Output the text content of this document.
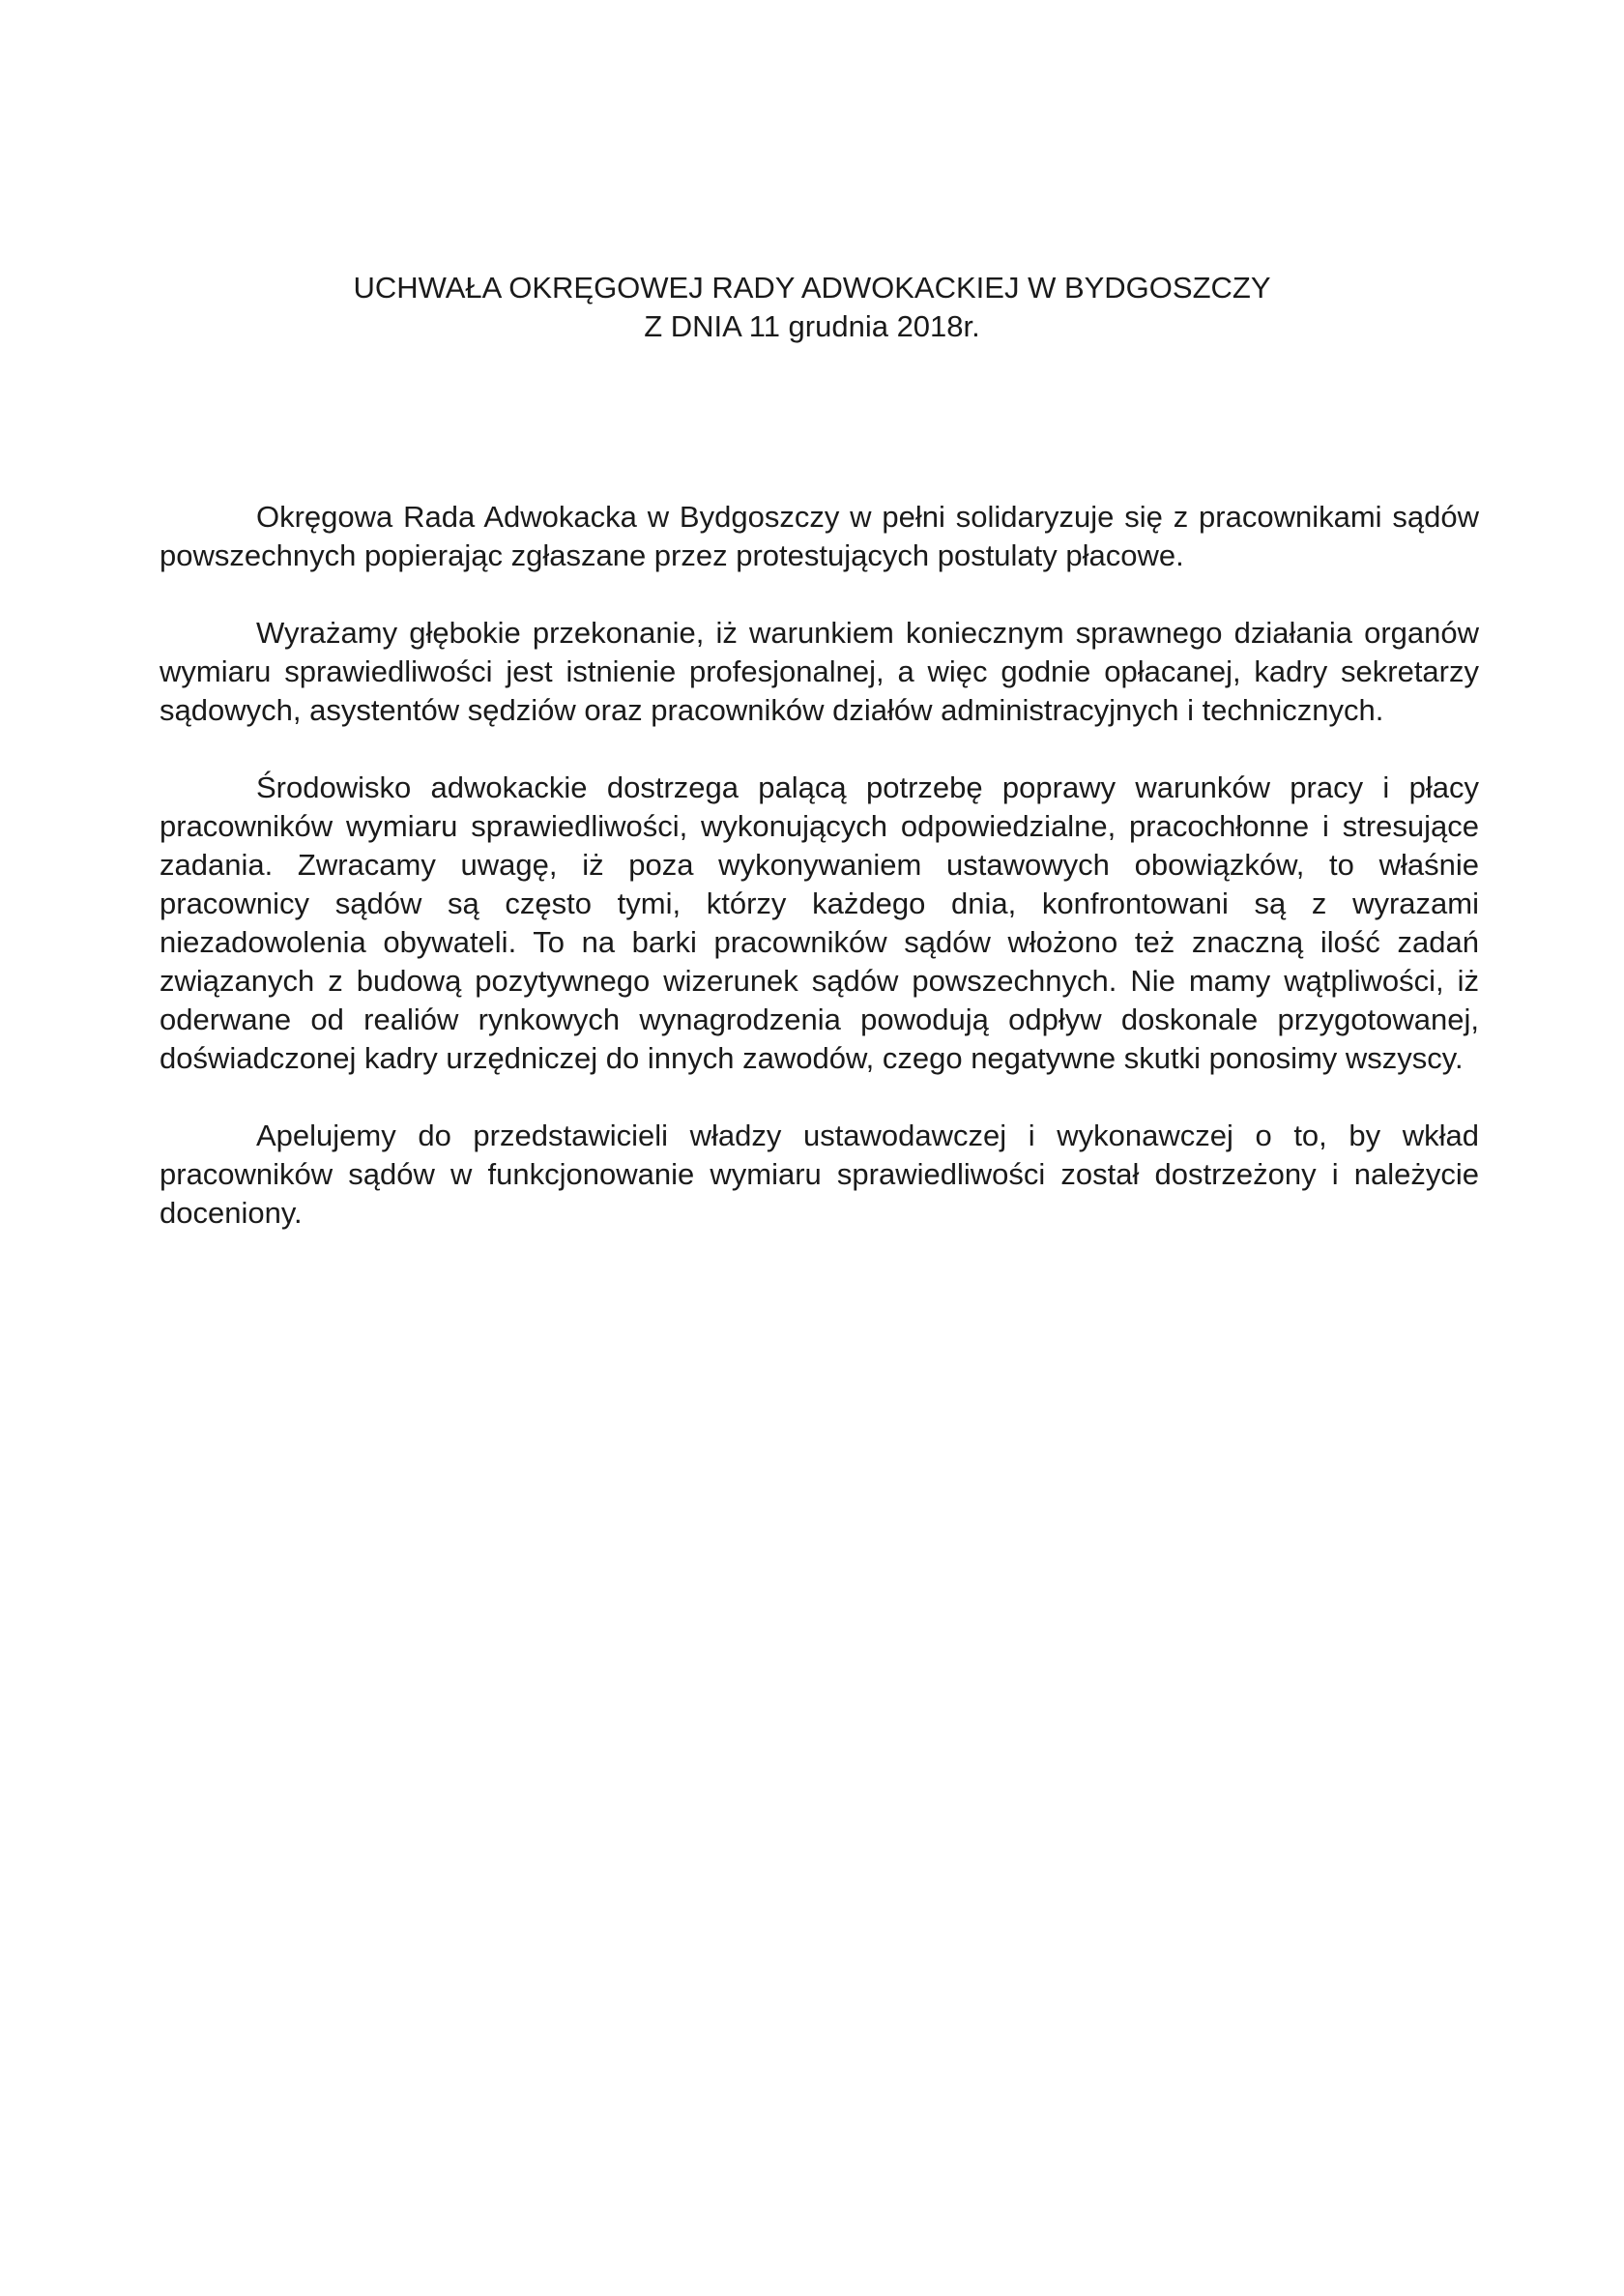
UCHWAŁA OKRĘGOWEJ RADY ADWOKACKIEJ W BYDGOSZCZY
Z DNIA 11 grudnia 2018r.

Okręgowa Rada Adwokacka w Bydgoszczy w pełni solidaryzuje się z pracownikami sądów powszechnych popierając zgłaszane przez protestujących postulaty płacowe.

Wyrażamy głębokie przekonanie, iż warunkiem koniecznym sprawnego działania organów wymiaru sprawiedliwości jest istnienie profesjonalnej, a więc godnie opłacanej, kadry sekretarzy sądowych, asystentów sędziów oraz pracowników działów administracyjnych i technicznych.

Środowisko adwokackie dostrzega palącą potrzebę poprawy warunków pracy i płacy pracowników wymiaru sprawiedliwości, wykonujących odpowiedzialne, pracochłonne i stresujące zadania. Zwracamy uwagę, iż poza wykonywaniem ustawowych obowiązków, to właśnie pracownicy sądów są często tymi, którzy każdego dnia, konfrontowani są z wyrazami niezadowolenia obywateli. To na barki pracowników sądów włożono też znaczną ilość zadań związanych z budową pozytywnego wizerunek sądów powszechnych. Nie mamy wątpliwości, iż oderwane od realiów rynkowych wynagrodzenia powodują odpływ doskonale przygotowanej, doświadczonej kadry urzędniczej do innych zawodów, czego negatywne skutki ponosimy wszyscy.

Apelujemy do przedstawicieli władzy ustawodawczej i wykonawczej o to, by wkład pracowników sądów w funkcjonowanie wymiaru sprawiedliwości został dostrzeżony i należycie doceniony.
